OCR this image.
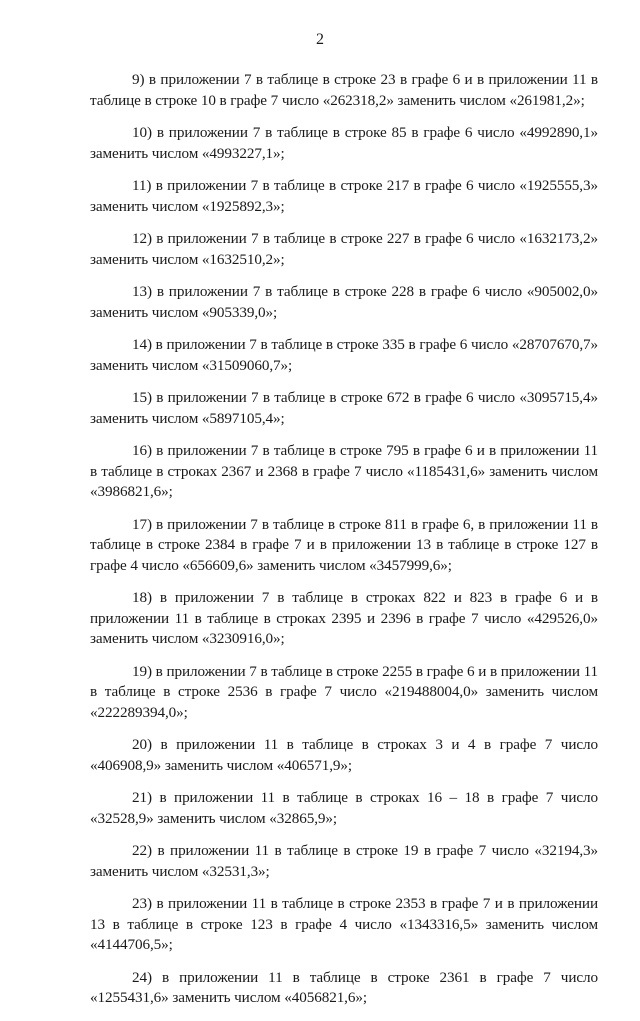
2

9) в приложении 7 в таблице в строке 23 в графе 6 и в приложении 11 в таблице в строке 10 в графе 7 число «262318,2» заменить числом «261981,2»;

10) в приложении 7 в таблице в строке 85 в графе 6 число «4992890,1» заменить числом «4993227,1»;

11) в приложении 7 в таблице в строке 217 в графе 6 число «1925555,3» заменить числом «1925892,3»;

12) в приложении 7 в таблице в строке 227 в графе 6 число «1632173,2» заменить числом «1632510,2»;

13) в приложении 7 в таблице в строке 228 в графе 6 число «905002,0» заменить числом «905339,0»;

14) в приложении 7 в таблице в строке 335 в графе 6 число «28707670,7» заменить числом «31509060,7»;

15) в приложении 7 в таблице в строке 672 в графе 6 число «3095715,4» заменить числом «5897105,4»;

16) в приложении 7 в таблице в строке 795 в графе 6 и в приложении 11 в таблице в строках 2367 и 2368 в графе 7 число «1185431,6» заменить числом «3986821,6»;

17) в приложении 7 в таблице в строке 811 в графе 6, в приложении 11 в таблице в строке 2384 в графе 7 и в приложении 13 в таблице в строке 127 в графе 4 число «656609,6» заменить числом «3457999,6»;

18) в приложении 7 в таблице в строках 822 и 823 в графе 6 и в приложении 11 в таблице в строках 2395 и 2396 в графе 7 число «429526,0» заменить числом «3230916,0»;

19) в приложении 7 в таблице в строке 2255 в графе 6 и в приложении 11 в таблице в строке 2536 в графе 7 число «219488004,0» заменить числом «222289394,0»;

20) в приложении 11 в таблице в строках 3 и 4 в графе 7 число «406908,9» заменить числом «406571,9»;

21) в приложении 11 в таблице в строках 16 – 18 в графе 7 число «32528,9» заменить числом «32865,9»;

22) в приложении 11 в таблице в строке 19 в графе 7 число «32194,3» заменить числом «32531,3»;

23) в приложении 11 в таблице в строке 2353 в графе 7 и в приложении 13 в таблице в строке 123 в графе 4 число «1343316,5» заменить числом «4144706,5»;

24) в приложении 11 в таблице в строке 2361 в графе 7 число «1255431,6» заменить числом «4056821,6»;
